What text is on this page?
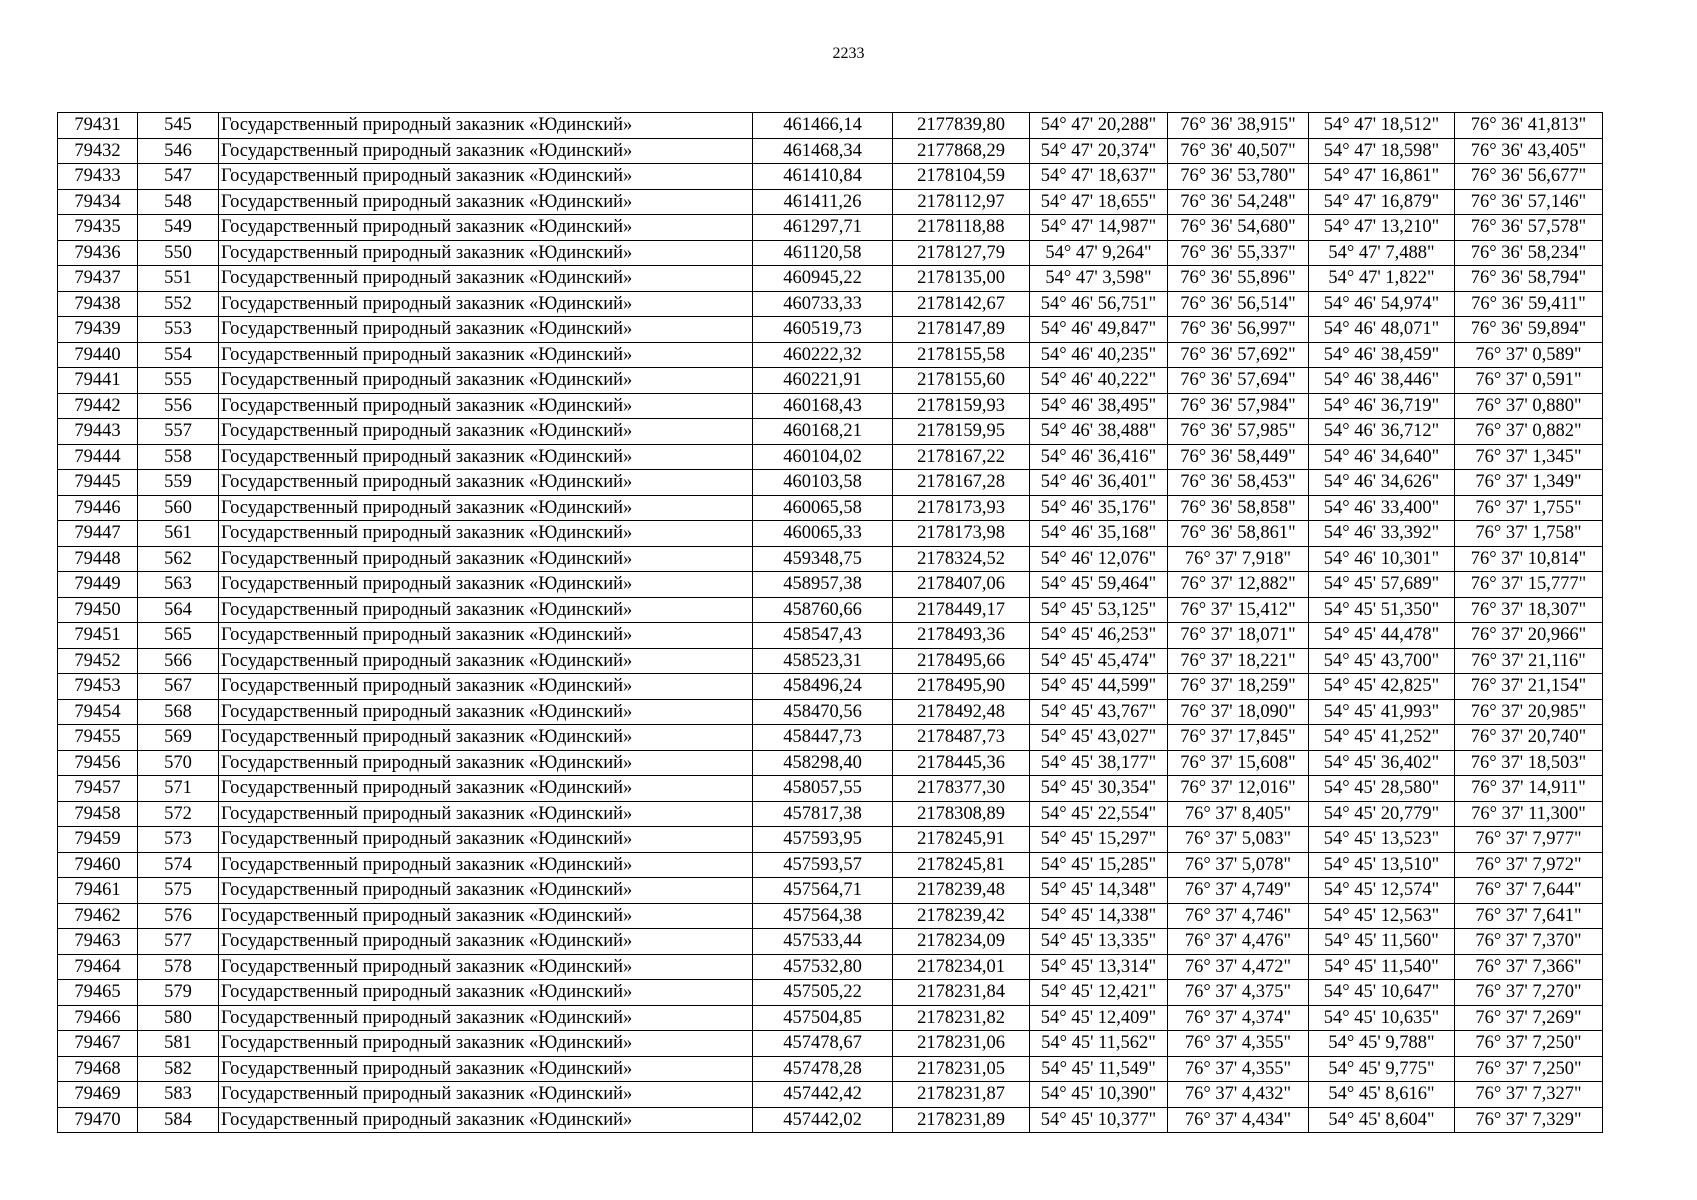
2233
79431	545	Государственный природный заказник «Юдинский»	461466,14	2177839,80	54° 47' 20,288"	76° 36' 38,915"	54° 47' 18,512"	76° 36' 41,813"
79432	546	Государственный природный заказник «Юдинский»	461468,34	2177868,29	54° 47' 20,374"	76° 36' 40,507"	54° 47' 18,598"	76° 36' 43,405"
79433	547	Государственный природный заказник «Юдинский»	461410,84	2178104,59	54° 47' 18,637"	76° 36' 53,780"	54° 47' 16,861"	76° 36' 56,677"
79434	548	Государственный природный заказник «Юдинский»	461411,26	2178112,97	54° 47' 18,655"	76° 36' 54,248"	54° 47' 16,879"	76° 36' 57,146"
79435	549	Государственный природный заказник «Юдинский»	461297,71	2178118,88	54° 47' 14,987"	76° 36' 54,680"	54° 47' 13,210"	76° 36' 57,578"
79436	550	Государственный природный заказник «Юдинский»	461120,58	2178127,79	54° 47' 9,264"	76° 36' 55,337"	54° 47' 7,488"	76° 36' 58,234"
79437	551	Государственный природный заказник «Юдинский»	460945,22	2178135,00	54° 47' 3,598"	76° 36' 55,896"	54° 47' 1,822"	76° 36' 58,794"
79438	552	Государственный природный заказник «Юдинский»	460733,33	2178142,67	54° 46' 56,751"	76° 36' 56,514"	54° 46' 54,974"	76° 36' 59,411"
79439	553	Государственный природный заказник «Юдинский»	460519,73	2178147,89	54° 46' 49,847"	76° 36' 56,997"	54° 46' 48,071"	76° 36' 59,894"
79440	554	Государственный природный заказник «Юдинский»	460222,32	2178155,58	54° 46' 40,235"	76° 36' 57,692"	54° 46' 38,459"	76° 37' 0,589"
79441	555	Государственный природный заказник «Юдинский»	460221,91	2178155,60	54° 46' 40,222"	76° 36' 57,694"	54° 46' 38,446"	76° 37' 0,591"
79442	556	Государственный природный заказник «Юдинский»	460168,43	2178159,93	54° 46' 38,495"	76° 36' 57,984"	54° 46' 36,719"	76° 37' 0,880"
79443	557	Государственный природный заказник «Юдинский»	460168,21	2178159,95	54° 46' 38,488"	76° 36' 57,985"	54° 46' 36,712"	76° 37' 0,882"
79444	558	Государственный природный заказник «Юдинский»	460104,02	2178167,22	54° 46' 36,416"	76° 36' 58,449"	54° 46' 34,640"	76° 37' 1,345"
79445	559	Государственный природный заказник «Юдинский»	460103,58	2178167,28	54° 46' 36,401"	76° 36' 58,453"	54° 46' 34,626"	76° 37' 1,349"
79446	560	Государственный природный заказник «Юдинский»	460065,58	2178173,93	54° 46' 35,176"	76° 36' 58,858"	54° 46' 33,400"	76° 37' 1,755"
79447	561	Государственный природный заказник «Юдинский»	460065,33	2178173,98	54° 46' 35,168"	76° 36' 58,861"	54° 46' 33,392"	76° 37' 1,758"
79448	562	Государственный природный заказник «Юдинский»	459348,75	2178324,52	54° 46' 12,076"	76° 37' 7,918"	54° 46' 10,301"	76° 37' 10,814"
79449	563	Государственный природный заказник «Юдинский»	458957,38	2178407,06	54° 45' 59,464"	76° 37' 12,882"	54° 45' 57,689"	76° 37' 15,777"
79450	564	Государственный природный заказник «Юдинский»	458760,66	2178449,17	54° 45' 53,125"	76° 37' 15,412"	54° 45' 51,350"	76° 37' 18,307"
79451	565	Государственный природный заказник «Юдинский»	458547,43	2178493,36	54° 45' 46,253"	76° 37' 18,071"	54° 45' 44,478"	76° 37' 20,966"
79452	566	Государственный природный заказник «Юдинский»	458523,31	2178495,66	54° 45' 45,474"	76° 37' 18,221"	54° 45' 43,700"	76° 37' 21,116"
79453	567	Государственный природный заказник «Юдинский»	458496,24	2178495,90	54° 45' 44,599"	76° 37' 18,259"	54° 45' 42,825"	76° 37' 21,154"
79454	568	Государственный природный заказник «Юдинский»	458470,56	2178492,48	54° 45' 43,767"	76° 37' 18,090"	54° 45' 41,993"	76° 37' 20,985"
79455	569	Государственный природный заказник «Юдинский»	458447,73	2178487,73	54° 45' 43,027"	76° 37' 17,845"	54° 45' 41,252"	76° 37' 20,740"
79456	570	Государственный природный заказник «Юдинский»	458298,40	2178445,36	54° 45' 38,177"	76° 37' 15,608"	54° 45' 36,402"	76° 37' 18,503"
79457	571	Государственный природный заказник «Юдинский»	458057,55	2178377,30	54° 45' 30,354"	76° 37' 12,016"	54° 45' 28,580"	76° 37' 14,911"
79458	572	Государственный природный заказник «Юдинский»	457817,38	2178308,89	54° 45' 22,554"	76° 37' 8,405"	54° 45' 20,779"	76° 37' 11,300"
79459	573	Государственный природный заказник «Юдинский»	457593,95	2178245,91	54° 45' 15,297"	76° 37' 5,083"	54° 45' 13,523"	76° 37' 7,977"
79460	574	Государственный природный заказник «Юдинский»	457593,57	2178245,81	54° 45' 15,285"	76° 37' 5,078"	54° 45' 13,510"	76° 37' 7,972"
79461	575	Государственный природный заказник «Юдинский»	457564,71	2178239,48	54° 45' 14,348"	76° 37' 4,749"	54° 45' 12,574"	76° 37' 7,644"
79462	576	Государственный природный заказник «Юдинский»	457564,38	2178239,42	54° 45' 14,338"	76° 37' 4,746"	54° 45' 12,563"	76° 37' 7,641"
79463	577	Государственный природный заказник «Юдинский»	457533,44	2178234,09	54° 45' 13,335"	76° 37' 4,476"	54° 45' 11,560"	76° 37' 7,370"
79464	578	Государственный природный заказник «Юдинский»	457532,80	2178234,01	54° 45' 13,314"	76° 37' 4,472"	54° 45' 11,540"	76° 37' 7,366"
79465	579	Государственный природный заказник «Юдинский»	457505,22	2178231,84	54° 45' 12,421"	76° 37' 4,375"	54° 45' 10,647"	76° 37' 7,270"
79466	580	Государственный природный заказник «Юдинский»	457504,85	2178231,82	54° 45' 12,409"	76° 37' 4,374"	54° 45' 10,635"	76° 37' 7,269"
79467	581	Государственный природный заказник «Юдинский»	457478,67	2178231,06	54° 45' 11,562"	76° 37' 4,355"	54° 45' 9,788"	76° 37' 7,250"
79468	582	Государственный природный заказник «Юдинский»	457478,28	2178231,05	54° 45' 11,549"	76° 37' 4,355"	54° 45' 9,775"	76° 37' 7,250"
79469	583	Государственный природный заказник «Юдинский»	457442,42	2178231,87	54° 45' 10,390"	76° 37' 4,432"	54° 45' 8,616"	76° 37' 7,327"
79470	584	Государственный природный заказник «Юдинский»	457442,02	2178231,89	54° 45' 10,377"	76° 37' 4,434"	54° 45' 8,604"	76° 37' 7,329"
